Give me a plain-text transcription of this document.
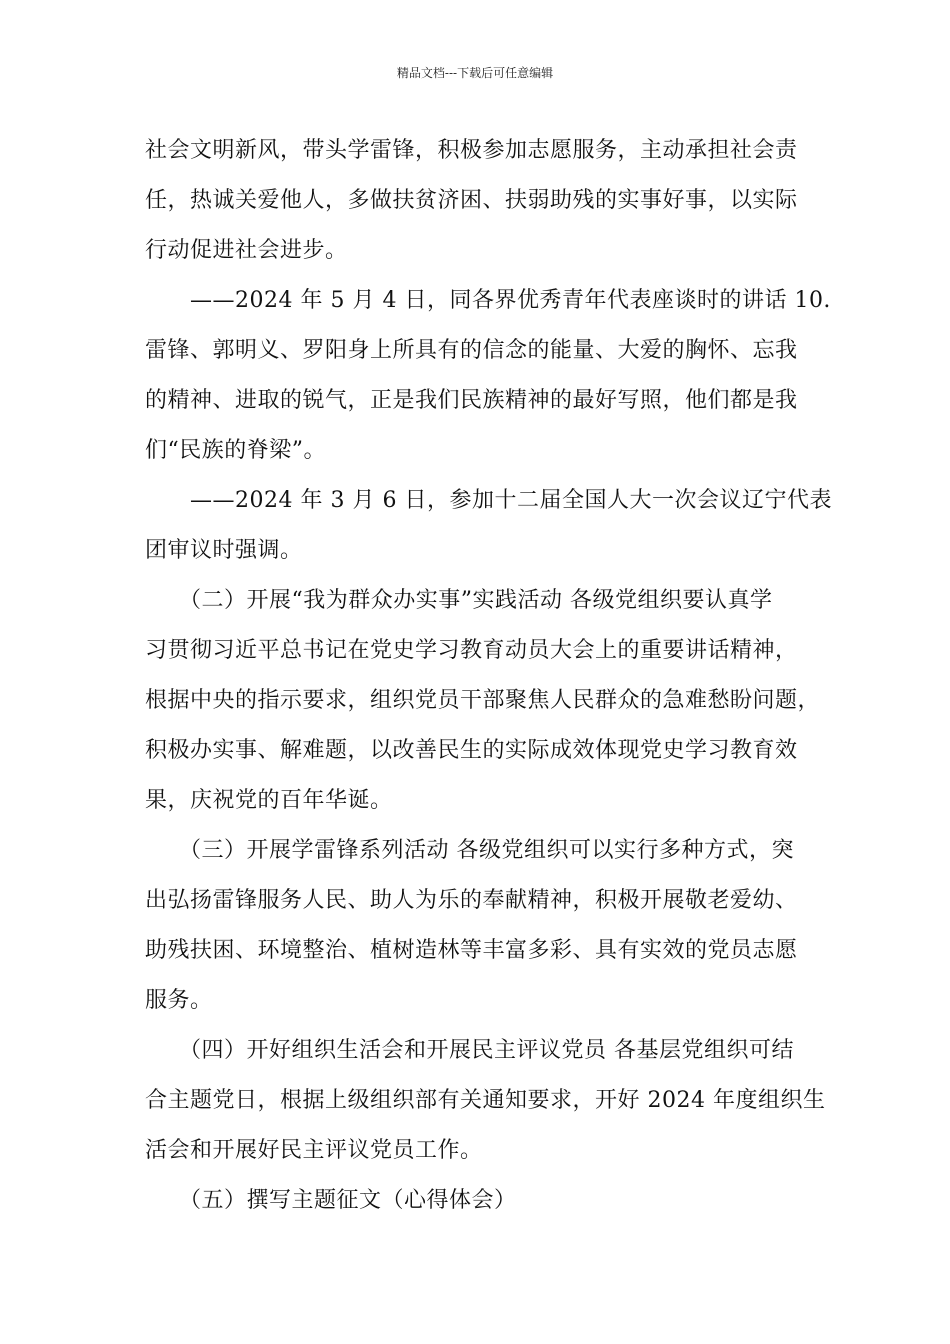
精品文档---下载后可任意编辑

社会文明新风，带头学雷锋，积极参加志愿服务，主动承担社会责
任，热诚关爱他人，多做扶贫济困、扶弱助残的实事好事，以实际
行动促进社会进步。

　　——2024 年 5 月 4 日，同各界优秀青年代表座谈时的讲话 10.
雷锋、郭明义、罗阳身上所具有的信念的能量、大爱的胸怀、忘我
的精神、进取的锐气，正是我们民族精神的最好写照，他们都是我
们“民族的脊梁”。

　　——2024 年 3 月 6 日，参加十二届全国人大一次会议辽宁代表
团审议时强调。

　　（二）开展“我为群众办实事”实践活动 各级党组织要认真学
习贯彻习近平总书记在党史学习教育动员大会上的重要讲话精神，
根据中央的指示要求，组织党员干部聚焦人民群众的急难愁盼问题，
积极办实事、解难题，以改善民生的实际成效体现党史学习教育效
果，庆祝党的百年华诞。

　　（三）开展学雷锋系列活动 各级党组织可以实行多种方式，突
出弘扬雷锋服务人民、助人为乐的奉献精神，积极开展敬老爱幼、
助残扶困、环境整治、植树造林等丰富多彩、具有实效的党员志愿
服务。

　　（四）开好组织生活会和开展民主评议党员 各基层党组织可结
合主题党日，根据上级组织部有关通知要求，开好 2024 年度组织生
活会和开展好民主评议党员工作。

　　（五）撰写主题征文（心得体会）
